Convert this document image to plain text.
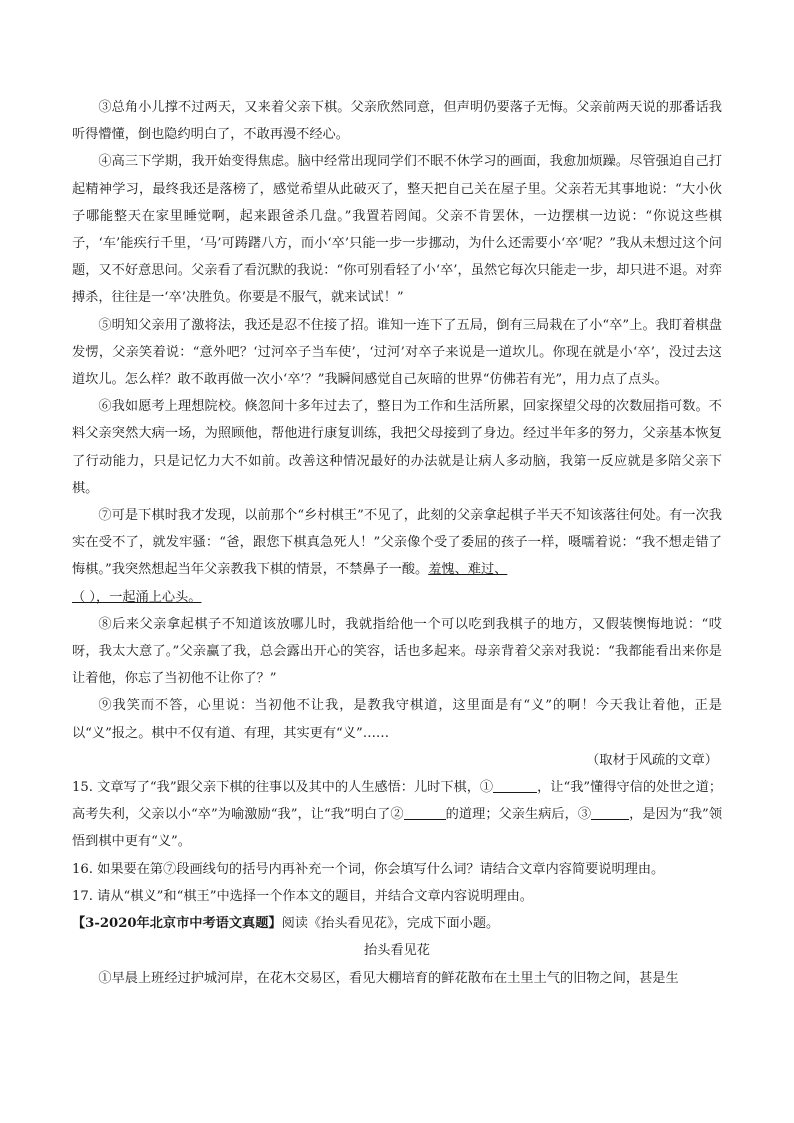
③总角小儿撑不过两天，又来着父亲下棋。父亲欣然同意，但声明仍要落子无悔。父亲前两天说的那番话我听得懵懂，倒也隐约明白了，不敢再漫不经心。

④高三下学期，我开始变得焦虑。脑中经常出现同学们不眠不休学习的画面，我愈加烦躁。尽管强迫自己打起精神学习，最终我还是落榜了，感觉希望从此破灭了，整天把自己关在屋子里。父亲若无其事地说：“大小伙子哪能整天在家里睡觉啊，起来跟爸杀几盘。”我置若罔闻。父亲不肯罢休，一边摆棋一边说：“你说这些棋子，‘车’能疾行千里，‘马’可踌躇八方，而小‘卒’只能一步一步挪动，为什么还需要小‘卒’呢？”我从未想过这个问题，又不好意思问。父亲看了看沉默的我说：“你可别看轻了小‘卒’，虽然它每次只能走一步，却只进不退。对弈搏杀，往往是一‘卒’决胜负。你要是不服气，就来试试！”

⑤明知父亲用了激将法，我还是忍不住接了招。谁知一连下了五局，倒有三局栽在了小“卒”上。我盯着棋盘发愣，父亲笑着说：“意外吧？‘过河卒子当车使’，‘过河’对卒子来说是一道坎儿。你现在就是小‘卒’，没过去这道坎儿。怎么样？敢不敢再做一次小‘卒’？”我瞬间感觉自己灰暗的世界“仿佛若有光”，用力点了点头。

⑥我如愿考上理想院校。倏忽间十多年过去了，整日为工作和生活所累，回家探望父母的次数屈指可数。不料父亲突然大病一场，为照顾他，帮他进行康复训练，我把父母接到了身边。经过半年多的努力，父亲基本恢复了行动能力，只是记忆力大不如前。改善这种情况最好的办法就是让病人多动脑，我第一反应就是多陪父亲下棋。

⑦可是下棋时我才发现，以前那个“乡村棋王”不见了，此刻的父亲拿起棋子半天不知该落往何处。有一次我实在受不了，就发牢骚：“爸，跟您下棋真急死人！”父亲像个受了委屈的孩子一样，嗫嚅着说：“我不想走错了悔棋。”我突然想起当年父亲教我下棋的情景，不禁鼻子一酸。羞愧、难过、
（ ），一起涌上心头。

⑧后来父亲拿起棋子不知道该放哪儿时，我就指给他一个可以吃到我棋子的地方，又假装懊悔地说：“哎呀，我太大意了。”父亲赢了我，总会露出开心的笑容，话也多起来。母亲背着父亲对我说：“我都能看出来你是让着他，你忘了当初他不让你了？”

⑨我笑而不答，心里说：当初他不让我，是教我守棋道，这里面是有“义”的啊！今天我让着他，正是以“义”报之。棋中不仅有道、有理，其实更有“义”……

（取材于风疏的文章）

15. 文章写了“我”跟父亲下棋的往事以及其中的人生感悟：儿时下棋，①	，让“我”懂得守信的处世之道；高考失利，父亲以小“卒”为喻激励“我”，让“我”明白了②	的道理；父亲生病后，③	，是因为“我”领悟到棋中更有“义”。

16. 如果要在第⑦段画线句的括号内再补充一个词，你会填写什么词？请结合文章内容简要说明理由。

17. 请从“棋义”和“棋王”中选择一个作本文的题目，并结合文章内容说明理由。

【3-2020年北京市中考语文真题】阅读《抬头看见花》，完成下面小题。

抬头看见花

①早晨上班经过护城河岸，在花木交易区，看见大棚培育的鲜花散布在土里土气的旧物之间，甚是生
